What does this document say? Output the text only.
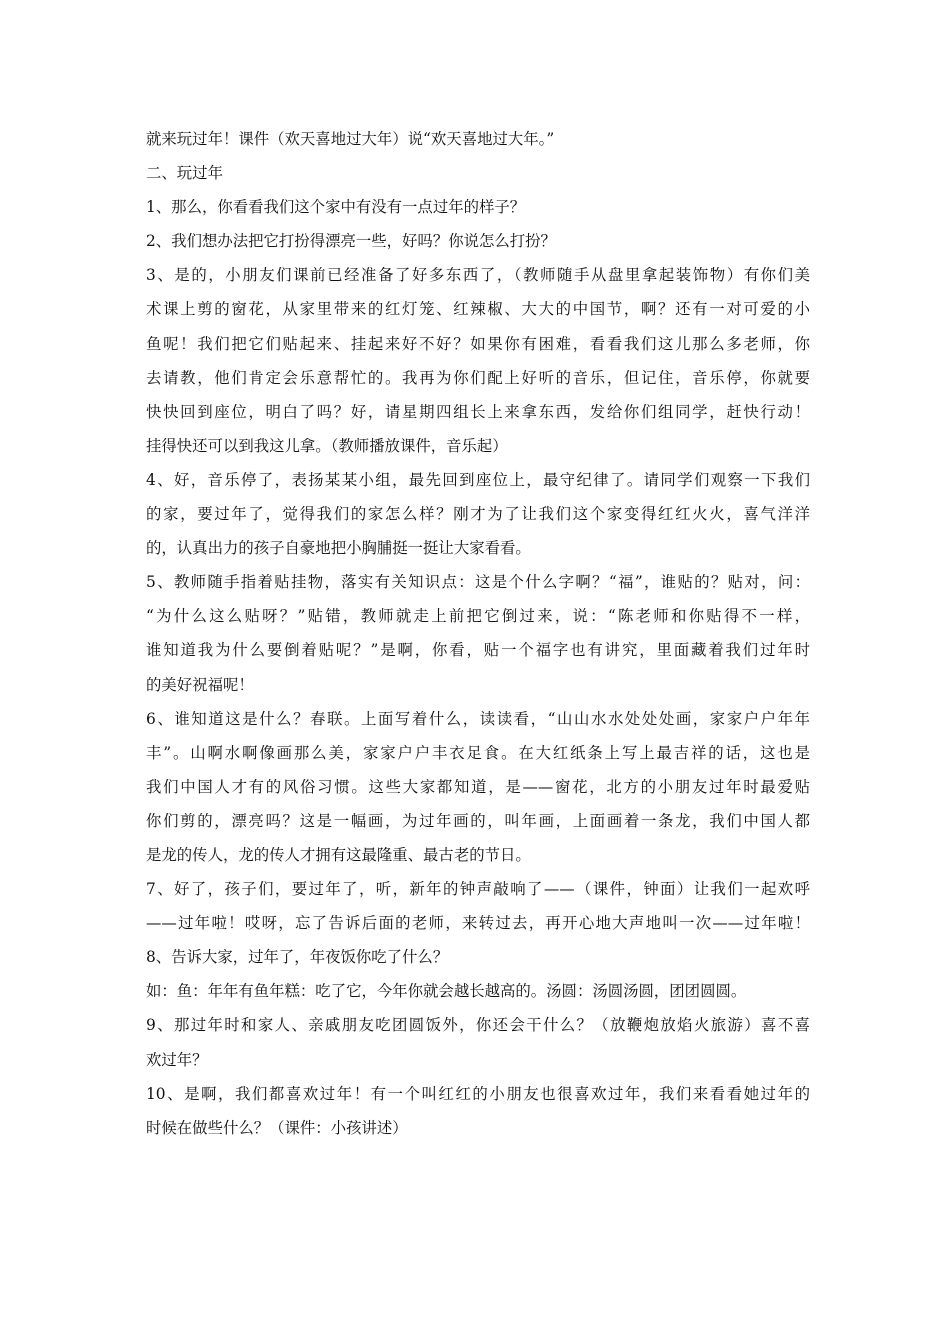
就来玩过年！课件（欢天喜地过大年）说“欢天喜地过大年。”
二、玩过年
1、那么，你看看我们这个家中有没有一点过年的样子？
2、我们想办法把它打扮得漂亮一些，好吗？你说怎么打扮？
3、是的，小朋友们课前已经准备了好多东西了，（教师随手从盘里拿起装饰物）有你们美
术课上剪的窗花，从家里带来的红灯笼、红辣椒、大大的中国节，啊？还有一对可爱的小
鱼呢！我们把它们贴起来、挂起来好不好？如果你有困难，看看我们这儿那么多老师，你
去请教，他们肯定会乐意帮忙的。我再为你们配上好听的音乐，但记住，音乐停，你就要
快快回到座位，明白了吗？好，请星期四组长上来拿东西，发给你们组同学，赶快行动！
挂得快还可以到我这儿拿。（教师播放课件，音乐起）
4、好，音乐停了，表扬某某小组，最先回到座位上，最守纪律了。请同学们观察一下我们
的家，要过年了，觉得我们的家怎么样？刚才为了让我们这个家变得红红火火，喜气洋洋
的，认真出力的孩子自豪地把小胸脯挺一挺让大家看看。
5、教师随手指着贴挂物，落实有关知识点：这是个什么字啊？“福”，谁贴的？贴对，问：
“为什么这么贴呀？”贴错，教师就走上前把它倒过来，说：“陈老师和你贴得不一样，
谁知道我为什么要倒着贴呢？”是啊，你看，贴一个福字也有讲究，里面藏着我们过年时
的美好祝福呢！
6、谁知道这是什么？春联。上面写着什么，读读看，“山山水水处处处画，家家户户年年
丰”。山啊水啊像画那么美，家家户户丰衣足食。在大红纸条上写上最吉祥的话，这也是
我们中国人才有的风俗习惯。这些大家都知道，是——窗花，北方的小朋友过年时最爱贴
你们剪的，漂亮吗？这是一幅画，为过年画的，叫年画，上面画着一条龙，我们中国人都
是龙的传人，龙的传人才拥有这最隆重、最古老的节日。
7、好了，孩子们，要过年了，听，新年的钟声敲响了——（课件，钟面）让我们一起欢呼
——过年啦！哎呀，忘了告诉后面的老师，来转过去，再开心地大声地叫一次——过年啦！
8、告诉大家，过年了，年夜饭你吃了什么？
如：鱼：年年有鱼年糕：吃了它，今年你就会越长越高的。汤圆：汤圆汤圆，团团圆圆。
9、那过年时和家人、亲戚朋友吃团圆饭外，你还会干什么？（放鞭炮放焰火旅游）喜不喜
欢过年？
10、是啊，我们都喜欢过年！有一个叫红红的小朋友也很喜欢过年，我们来看看她过年的
时候在做些什么？（课件：小孩讲述）
